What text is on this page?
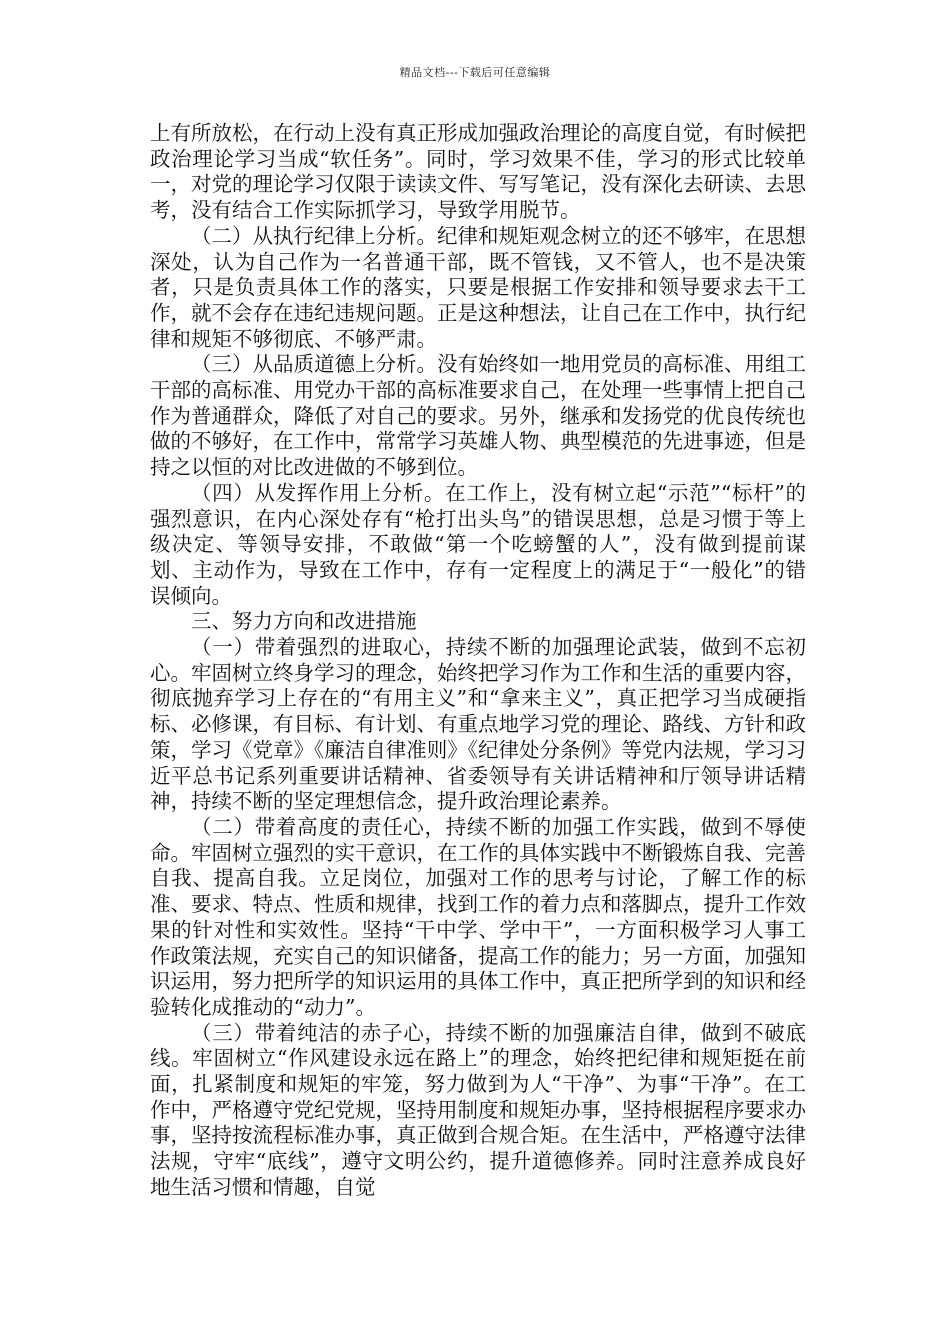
精品文档---下载后可任意编辑

上有所放松，在行动上没有真正形成加强政治理论的高度自觉，有时候把政治理论学习当成“软任务”。同时，学习效果不佳，学习的形式比较单一，对党的理论学习仅限于读读文件、写写笔记，没有深化去研读、去思考，没有结合工作实际抓学习，导致学用脱节。

（二）从执行纪律上分析。纪律和规矩观念树立的还不够牢，在思想深处，认为自己作为一名普通干部，既不管钱，又不管人，也不是决策者，只是负责具体工作的落实，只要是根据工作安排和领导要求去干工作，就不会存在违纪违规问题。正是这种想法，让自己在工作中，执行纪律和规矩不够彻底、不够严肃。

（三）从品质道德上分析。没有始终如一地用党员的高标准、用组工干部的高标准、用党办干部的高标准要求自己，在处理一些事情上把自己作为普通群众，降低了对自己的要求。另外，继承和发扬党的优良传统也做的不够好，在工作中，常常学习英雄人物、典型模范的先进事迹，但是持之以恒的对比改进做的不够到位。

（四）从发挥作用上分析。在工作上，没有树立起“示范”“标杆”的强烈意识，在内心深处存有“枪打出头鸟”的错误思想，总是习惯于等上级决定、等领导安排，不敢做“第一个吃螃蟹的人”，没有做到提前谋划、主动作为，导致在工作中，存有一定程度上的满足于“一般化”的错误倾向。

三、努力方向和改进措施

（一）带着强烈的进取心，持续不断的加强理论武装，做到不忘初心。牢固树立终身学习的理念，始终把学习作为工作和生活的重要内容，彻底抛弃学习上存在的“有用主义”和“拿来主义”，真正把学习当成硬指标、必修课，有目标、有计划、有重点地学习党的理论、路线、方针和政策，学习《党章》《廉洁自律准则》《纪律处分条例》等党内法规，学习习近平总书记系列重要讲话精神、省委领导有关讲话精神和厅领导讲话精神，持续不断的坚定理想信念，提升政治理论素养。

（二）带着高度的责任心，持续不断的加强工作实践，做到不辱使命。牢固树立强烈的实干意识，在工作的具体实践中不断锻炼自我、完善自我、提高自我。立足岗位，加强对工作的思考与讨论，了解工作的标准、要求、特点、性质和规律，找到工作的着力点和落脚点，提升工作效果的针对性和实效性。坚持“干中学、学中干”，一方面积极学习人事工作政策法规，充实自己的知识储备，提高工作的能力；另一方面，加强知识运用，努力把所学的知识运用的具体工作中，真正把所学到的知识和经验转化成推动的“动力”。

（三）带着纯洁的赤子心，持续不断的加强廉洁自律，做到不破底线。牢固树立“作风建设永远在路上”的理念，始终把纪律和规矩挺在前面，扎紧制度和规矩的牢笼，努力做到为人“干净”、为事“干净”。在工作中，严格遵守党纪党规，坚持用制度和规矩办事，坚持根据程序要求办事，坚持按流程标准办事，真正做到合规合矩。在生活中，严格遵守法律法规，守牢“底线”，遵守文明公约，提升道德修养。同时注意养成良好地生活习惯和情趣，自觉
